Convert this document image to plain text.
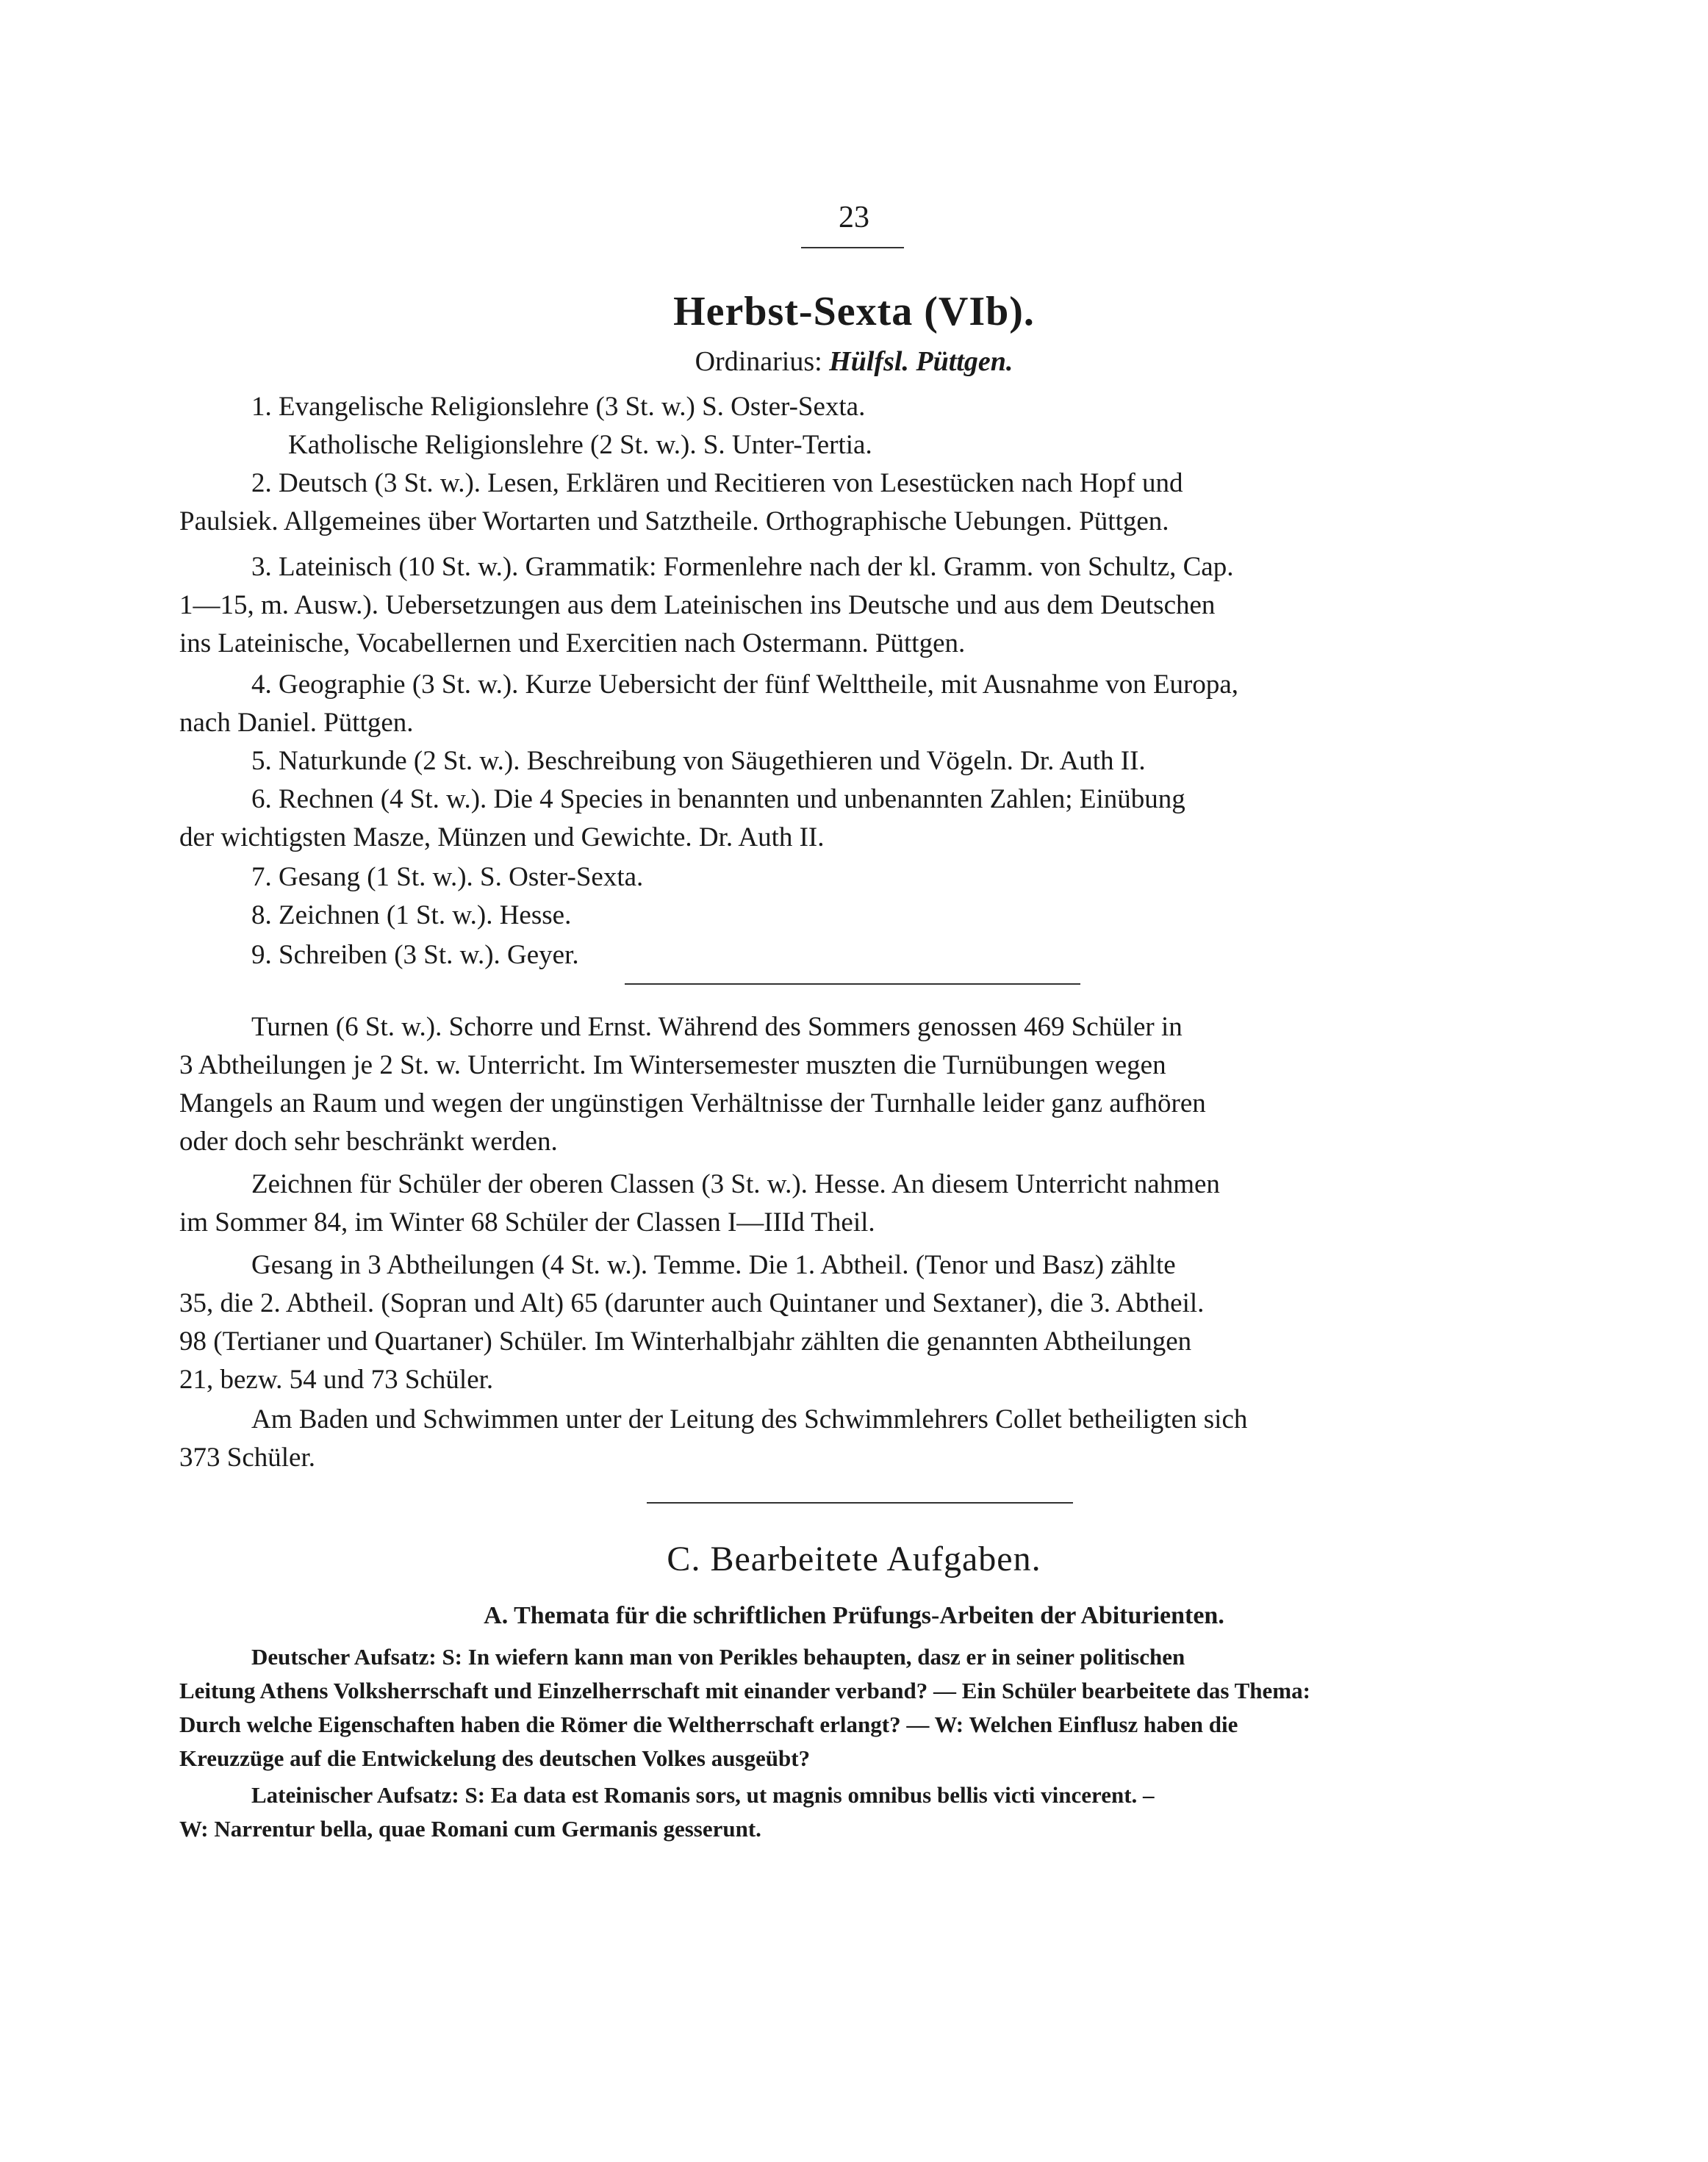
23
Herbst-Sexta (VIb).
Ordinarius: Hülfsl. Püttgen.
1. Evangelische Religionslehre (3 St. w.) S. Oster-Sexta.
Katholische Religionslehre (2 St. w.). S. Unter-Tertia.
2. Deutsch (3 St. w.). Lesen, Erklären und Recitieren von Lesestücken nach Hopf und
Paulsiek. Allgemeines über Wortarten und Satztheile. Orthographische Uebungen. Püttgen.
3. Lateinisch (10 St. w.). Grammatik: Formenlehre nach der kl. Gramm. von Schultz, Cap.
1—15, m. Ausw.). Uebersetzungen aus dem Lateinischen ins Deutsche und aus dem Deutschen
ins Lateinische, Vocabellernen und Exercitien nach Ostermann. Püttgen.
4. Geographie (3 St. w.). Kurze Uebersicht der fünf Welttheile, mit Ausnahme von Europa,
nach Daniel. Püttgen.
5. Naturkunde (2 St. w.). Beschreibung von Säugethieren und Vögeln. Dr. Auth II.
6. Rechnen (4 St. w.). Die 4 Species in benannten und unbenannten Zahlen; Einübung
der wichtigsten Masze, Münzen und Gewichte. Dr. Auth II.
7. Gesang (1 St. w.). S. Oster-Sexta.
8. Zeichnen (1 St. w.). Hesse.
9. Schreiben (3 St. w.). Geyer.
Turnen (6 St. w.). Schorre und Ernst. Während des Sommers genossen 469 Schüler in
3 Abtheilungen je 2 St. w. Unterricht. Im Wintersemester muszten die Turnübungen wegen
Mangels an Raum und wegen der ungünstigen Verhältnisse der Turnhalle leider ganz aufhören
oder doch sehr beschränkt werden.
Zeichnen für Schüler der oberen Classen (3 St. w.). Hesse. An diesem Unterricht nahmen
im Sommer 84, im Winter 68 Schüler der Classen I—IIId Theil.
Gesang in 3 Abtheilungen (4 St. w.). Temme. Die 1. Abtheil. (Tenor und Basz) zählte
35, die 2. Abtheil. (Sopran und Alt) 65 (darunter auch Quintaner und Sextaner), die 3. Abtheil.
98 (Tertianer und Quartaner) Schüler. Im Winterhalbjahr zählten die genannten Abtheilungen
21, bezw. 54 und 73 Schüler.
Am Baden und Schwimmen unter der Leitung des Schwimmlehrers Collet betheiligten sich
373 Schüler.
C. Bearbeitete Aufgaben.
A. Themata für die schriftlichen Prüfungs-Arbeiten der Abiturienten.
Deutscher Aufsatz: S: In wiefern kann man von Perikles behaupten, dasz er in seiner politischen
Leitung Athens Volksherrschaft und Einzelherrschaft mit einander verband? — Ein Schüler bearbeitete das Thema:
Durch welche Eigenschaften haben die Römer die Weltherrschaft erlangt? — W: Welchen Einflusz haben die
Kreuzzüge auf die Entwickelung des deutschen Volkes ausgeübt?
Lateinischer Aufsatz: S: Ea data est Romanis sors, ut magnis omnibus bellis victi vincerent. –
W: Narrentur bella, quae Romani cum Germanis gesserunt.
